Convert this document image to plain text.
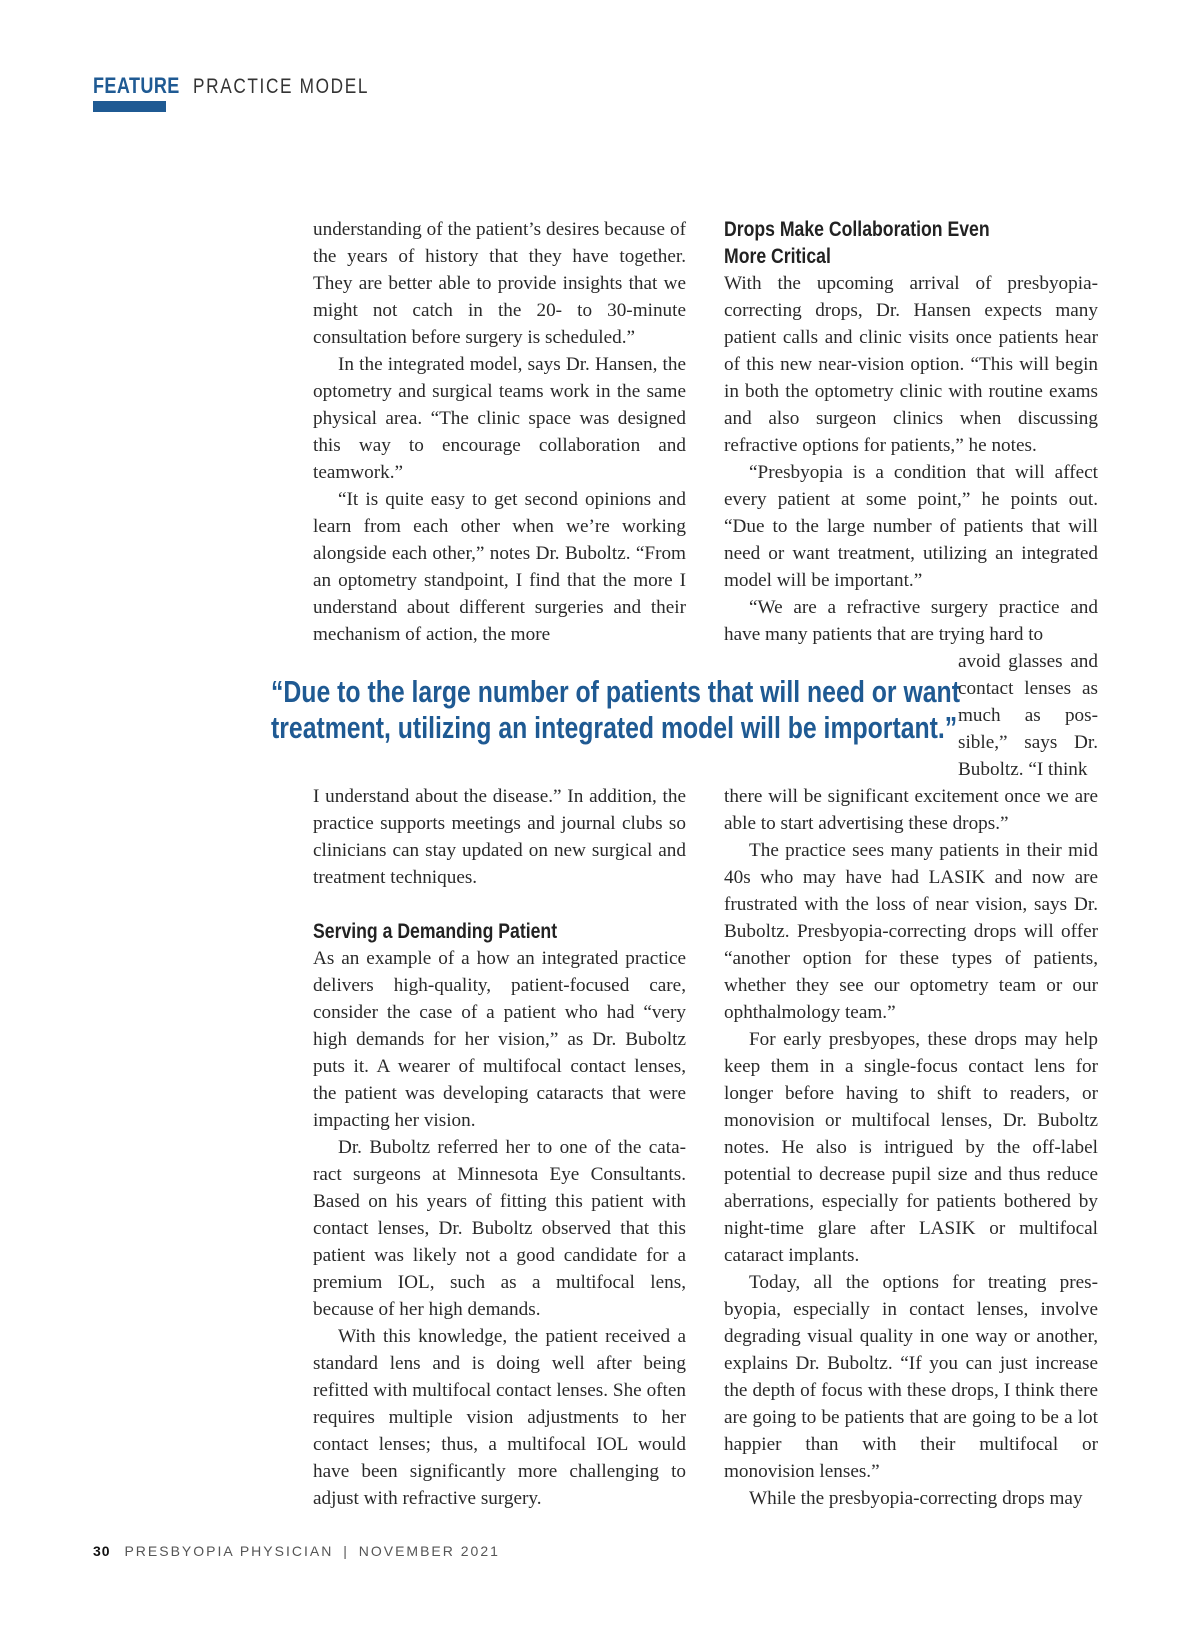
FEATURE PRACTICE MODEL

understanding of the patient’s desires because of the years of history that they have together. They are better able to provide insights that we might not catch in the 20- to 30-minute consultation before surgery is scheduled.”

In the integrated model, says Dr. Hansen, the optometry and surgical teams work in the same physical area. “The clinic space was designed this way to encourage collaboration and teamwork.”

“It is quite easy to get second opinions and learn from each other when we’re working alongside each other,” notes Dr. Buboltz. “From an optometry standpoint, I find that the more I understand about different surgeries and their mechanism of action, the more

“Due to the large number of patients that will need or want
treatment, utilizing an integrated model will be important.”

I understand about the disease.” In addition, the practice supports meetings and journal clubs so clinicians can stay updated on new surgical and treatment techniques.

Serving a Demanding Patient

As an example of a how an integrated practice delivers high-quality, patient-focused care, consider the case of a patient who had “very high demands for her vision,” as Dr. Buboltz puts it. A wearer of multifocal contact lenses, the patient was developing cataracts that were impacting her vision.

Dr. Buboltz referred her to one of the cataract surgeons at Minnesota Eye Consultants. Based on his years of fitting this patient with contact lenses, Dr. Buboltz observed that this patient was likely not a good candidate for a premium IOL, such as a multifocal lens, because of her high demands.

With this knowledge, the patient received a standard lens and is doing well after being refitted with multifocal contact lenses. She often requires multiple vision adjustments to her contact lenses; thus, a multifocal IOL would have been significantly more challenging to adjust with refractive surgery.

Drops Make Collaboration Even

More Critical

With the upcoming arrival of presbyopia-correcting drops, Dr. Hansen expects many patient calls and clinic visits once patients hear of this new near-vision option. “This will begin in both the optometry clinic with routine exams and also surgeon clinics when discussing refractive options for patients,” he notes.

“Presbyopia is a condition that will affect every patient at some point,” he points out. “Due to the large number of patients that will need or want treatment, utilizing an integrated model will be important.”

“We are a refractive surgery practice and have many patients that are trying hard to

avoid glasses and contact lenses as much as possible,” says Dr. Buboltz. “I think

there will be significant excitement once we are able to start advertising these drops.”

The practice sees many patients in their mid 40s who may have had LASIK and now are frustrated with the loss of near vision, says Dr. Buboltz. Presbyopia-correcting drops will offer “another option for these types of patients, whether they see our optometry team or our ophthalmology team.”

For early presbyopes, these drops may help keep them in a single-focus contact lens for longer before having to shift to readers, or monovision or multifocal lenses, Dr. Buboltz notes. He also is intrigued by the off-label potential to decrease pupil size and thus reduce aberrations, especially for patients bothered by night-time glare after LASIK or multifocal cataract implants.

Today, all the options for treating presbyopia, especially in contact lenses, involve degrading visual quality in one way or another, explains Dr. Buboltz. “If you can just increase the depth of focus with these drops, I think there are going to be patients that are going to be a lot happier than with their multifocal or monovision lenses.”

While the presbyopia-correcting drops may

30 PRESBYOPIA PHYSICIAN | NOVEMBER 2021
